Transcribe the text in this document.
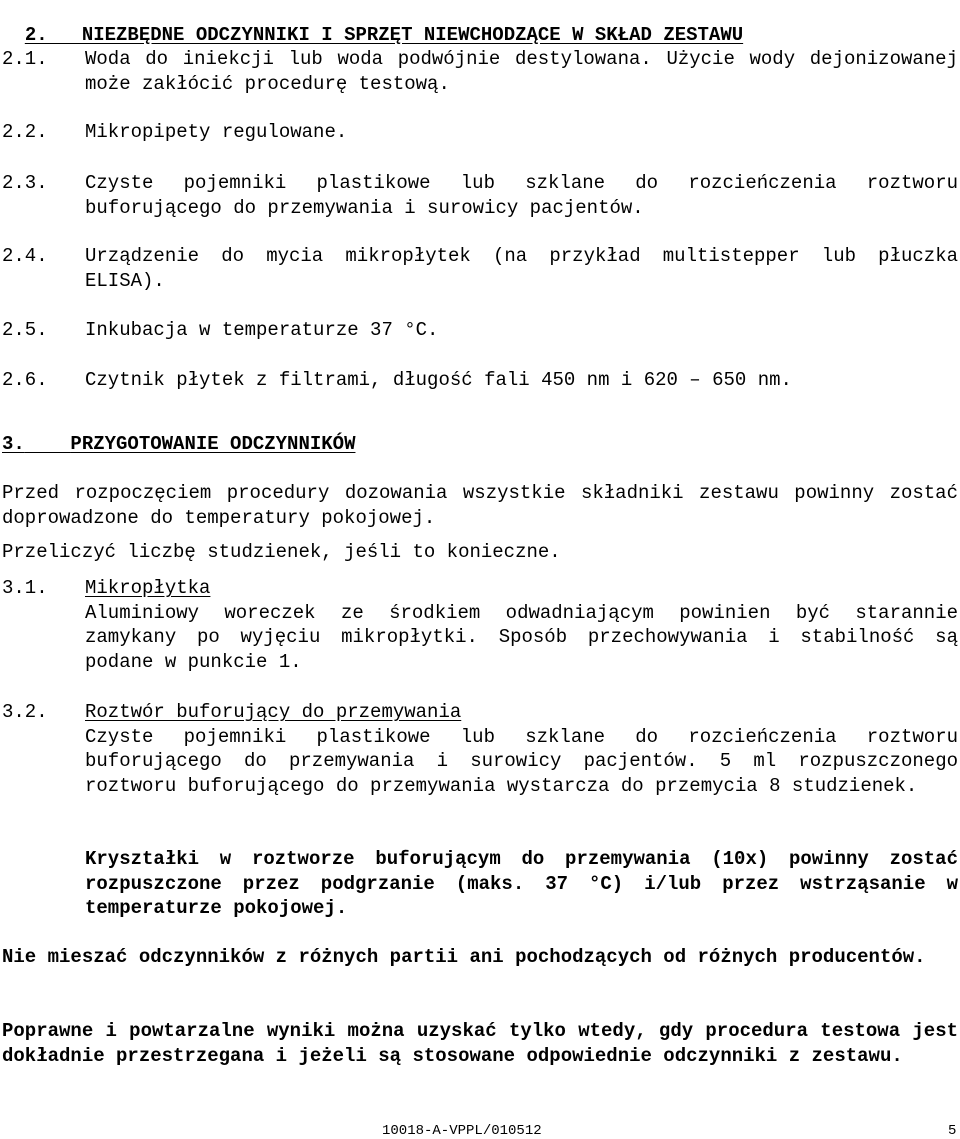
2.   NIEZBĘDNE ODCZYNNIKI I SPRZĘT NIEWCHODZĄCE W SKŁAD ZESTAWU

2.1. Woda do iniekcji lub woda podwójnie destylowana. Użycie wody dejonizowanej może zakłócić procedurę testową.
2.2. Mikropipety regulowane.
2.3. Czyste pojemniki plastikowe lub szklane do rozcieńczenia roztworu buforującego do przemywania i surowicy pacjentów.
2.4. Urządzenie do mycia mikropłytek (na przykład multistepper lub płuczka ELISA).
2.5. Inkubacja w temperaturze 37 °C.
2.6. Czytnik płytek z filtrami, długość fali 450 nm i 620 – 650 nm.
3. PRZYGOTOWANIE ODCZYNNIKÓW
Przed rozpoczęciem procedury dozowania wszystkie składniki zestawu powinny zostać doprowadzone do temperatury pokojowej.
Przeliczyć liczbę studzienek, jeśli to konieczne.
3.1. Mikropłytka
Aluminiowy woreczek ze środkiem odwadniającym powinien być starannie zamykany po wyjęciu mikropłytki. Sposób przechowywania i stabilność są podane w punkcie 1.
3.2. Roztwór buforujący do przemywania
Czyste pojemniki plastikowe lub szklane do rozcieńczenia roztworu buforującego do przemywania i surowicy pacjentów. 5 ml rozpuszczonego roztworu buforującego do przemywania wystarcza do przemycia 8 studzienek.
Kryształki w roztworze buforującym do przemywania (10x) powinny zostać rozpuszczone przez podgrzanie (maks. 37 °C) i/lub przez wstrząsanie w temperaturze pokojowej.
Nie mieszać odczynników z różnych partii ani pochodzących od różnych producentów.
Poprawne i powtarzalne wyniki można uzyskać tylko wtedy, gdy procedura testowa jest dokładnie przestrzegana i jeżeli są stosowane odpowiednie odczynniki z zestawu.
10018-A-VPPL/010512	5
